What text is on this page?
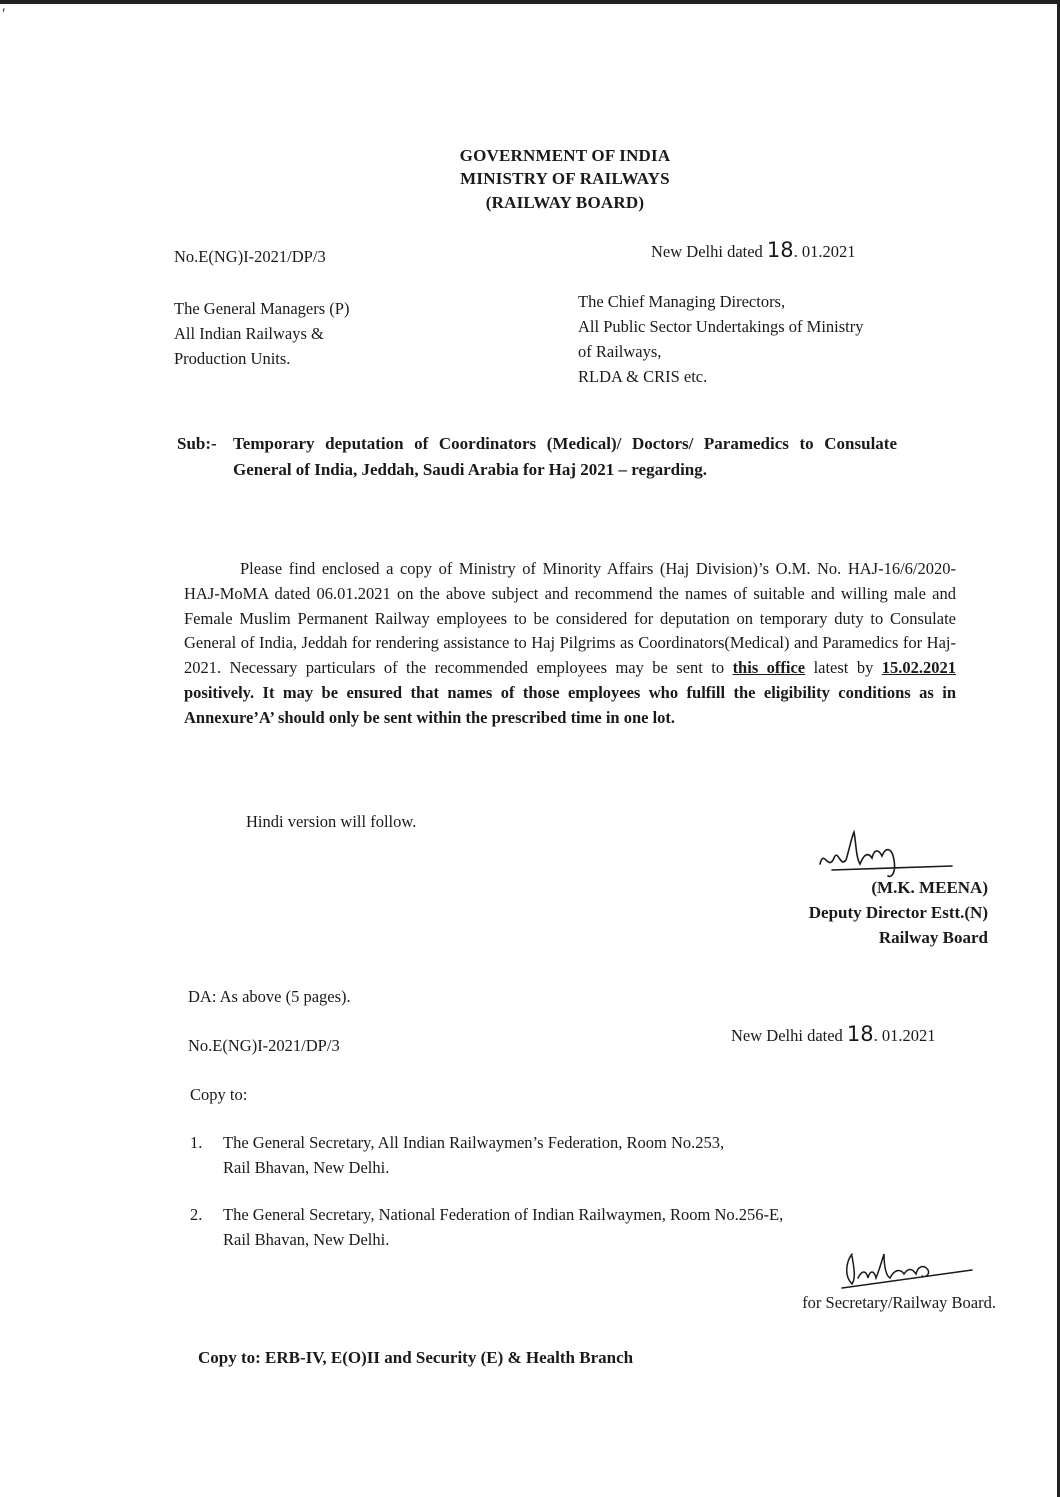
′
GOVERNMENT OF INDIA
MINISTRY OF RAILWAYS
(RAILWAY BOARD)
No.E(NG)I-2021/DP/3	New Delhi dated 18. 01.2021
The General Managers (P)
All Indian Railways &
Production Units.
The Chief Managing Directors,
All Public Sector Undertakings of Ministry
of Railways,
RLDA & CRIS etc.
Sub:- Temporary deputation of Coordinators (Medical)/ Doctors/ Paramedics to Consulate General of India, Jeddah, Saudi Arabia for Haj 2021 – regarding.
Please find enclosed a copy of Ministry of Minority Affairs (Haj Division)’s O.M. No. HAJ-16/6/2020-HAJ-MoMA dated 06.01.2021 on the above subject and recommend the names of suitable and willing male and Female Muslim Permanent Railway employees to be considered for deputation on temporary duty to Consulate General of India, Jeddah for rendering assistance to Haj Pilgrims as Coordinators(Medical) and Paramedics for Haj-2021. Necessary particulars of the recommended employees may be sent to this office latest by 15.02.2021 positively. It may be ensured that names of those employees who fulfill the eligibility conditions as in Annexure’A’ should only be sent within the prescribed time in one lot.
Hindi version will follow.
(M.K. MEENA)
Deputy Director Estt.(N)
Railway Board
DA: As above (5 pages).
No.E(NG)I-2021/DP/3
New Delhi dated 18. 01.2021
Copy to:
1. The General Secretary, All Indian Railwaymen’s Federation, Room No.253,
Rail Bhavan, New Delhi.
2. The General Secretary, National Federation of Indian Railwaymen, Room No.256-E,
Rail Bhavan, New Delhi.
for Secretary/Railway Board.
Copy to: ERB-IV, E(O)II and Security (E) & Health Branch
